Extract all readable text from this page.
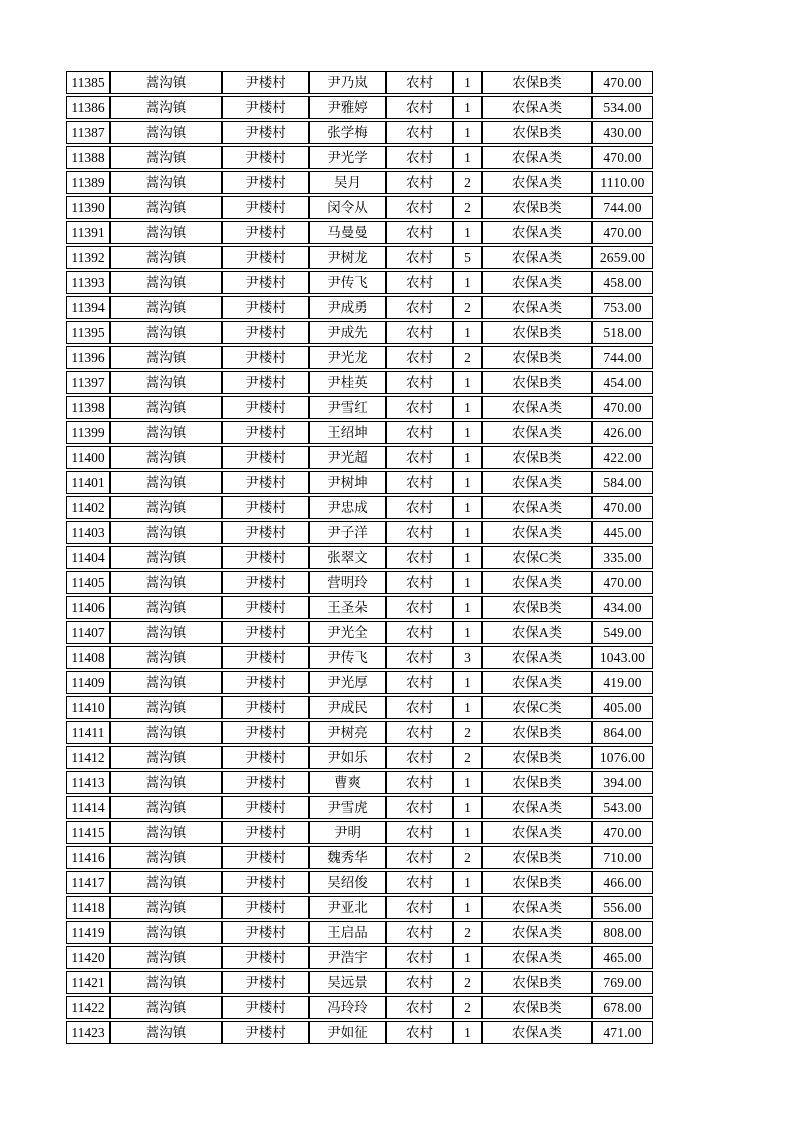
11385	蒿沟镇	尹楼村	尹乃岚	农村	1	农保B类	470.00
11386	蒿沟镇	尹楼村	尹雅婷	农村	1	农保A类	534.00
11387	蒿沟镇	尹楼村	张学梅	农村	1	农保B类	430.00
11388	蒿沟镇	尹楼村	尹光学	农村	1	农保A类	470.00
11389	蒿沟镇	尹楼村	吴月	农村	2	农保A类	1110.00
11390	蒿沟镇	尹楼村	闵令从	农村	2	农保B类	744.00
11391	蒿沟镇	尹楼村	马曼曼	农村	1	农保A类	470.00
11392	蒿沟镇	尹楼村	尹树龙	农村	5	农保A类	2659.00
11393	蒿沟镇	尹楼村	尹传飞	农村	1	农保A类	458.00
11394	蒿沟镇	尹楼村	尹成勇	农村	2	农保A类	753.00
11395	蒿沟镇	尹楼村	尹成先	农村	1	农保B类	518.00
11396	蒿沟镇	尹楼村	尹光龙	农村	2	农保B类	744.00
11397	蒿沟镇	尹楼村	尹桂英	农村	1	农保B类	454.00
11398	蒿沟镇	尹楼村	尹雪红	农村	1	农保A类	470.00
11399	蒿沟镇	尹楼村	王绍坤	农村	1	农保A类	426.00
11400	蒿沟镇	尹楼村	尹光超	农村	1	农保B类	422.00
11401	蒿沟镇	尹楼村	尹树坤	农村	1	农保A类	584.00
11402	蒿沟镇	尹楼村	尹忠成	农村	1	农保A类	470.00
11403	蒿沟镇	尹楼村	尹子洋	农村	1	农保A类	445.00
11404	蒿沟镇	尹楼村	张翠文	农村	1	农保C类	335.00
11405	蒿沟镇	尹楼村	营明玲	农村	1	农保A类	470.00
11406	蒿沟镇	尹楼村	王圣朵	农村	1	农保B类	434.00
11407	蒿沟镇	尹楼村	尹光全	农村	1	农保A类	549.00
11408	蒿沟镇	尹楼村	尹传飞	农村	3	农保A类	1043.00
11409	蒿沟镇	尹楼村	尹光厚	农村	1	农保A类	419.00
11410	蒿沟镇	尹楼村	尹成民	农村	1	农保C类	405.00
11411	蒿沟镇	尹楼村	尹树亮	农村	2	农保B类	864.00
11412	蒿沟镇	尹楼村	尹如乐	农村	2	农保B类	1076.00
11413	蒿沟镇	尹楼村	曹爽	农村	1	农保B类	394.00
11414	蒿沟镇	尹楼村	尹雪虎	农村	1	农保A类	543.00
11415	蒿沟镇	尹楼村	尹明	农村	1	农保A类	470.00
11416	蒿沟镇	尹楼村	魏秀华	农村	2	农保B类	710.00
11417	蒿沟镇	尹楼村	吴绍俊	农村	1	农保B类	466.00
11418	蒿沟镇	尹楼村	尹亚北	农村	1	农保A类	556.00
11419	蒿沟镇	尹楼村	王启品	农村	2	农保A类	808.00
11420	蒿沟镇	尹楼村	尹浩宇	农村	1	农保A类	465.00
11421	蒿沟镇	尹楼村	吴远景	农村	2	农保B类	769.00
11422	蒿沟镇	尹楼村	冯玲玲	农村	2	农保B类	678.00
11423	蒿沟镇	尹楼村	尹如征	农村	1	农保A类	471.00
